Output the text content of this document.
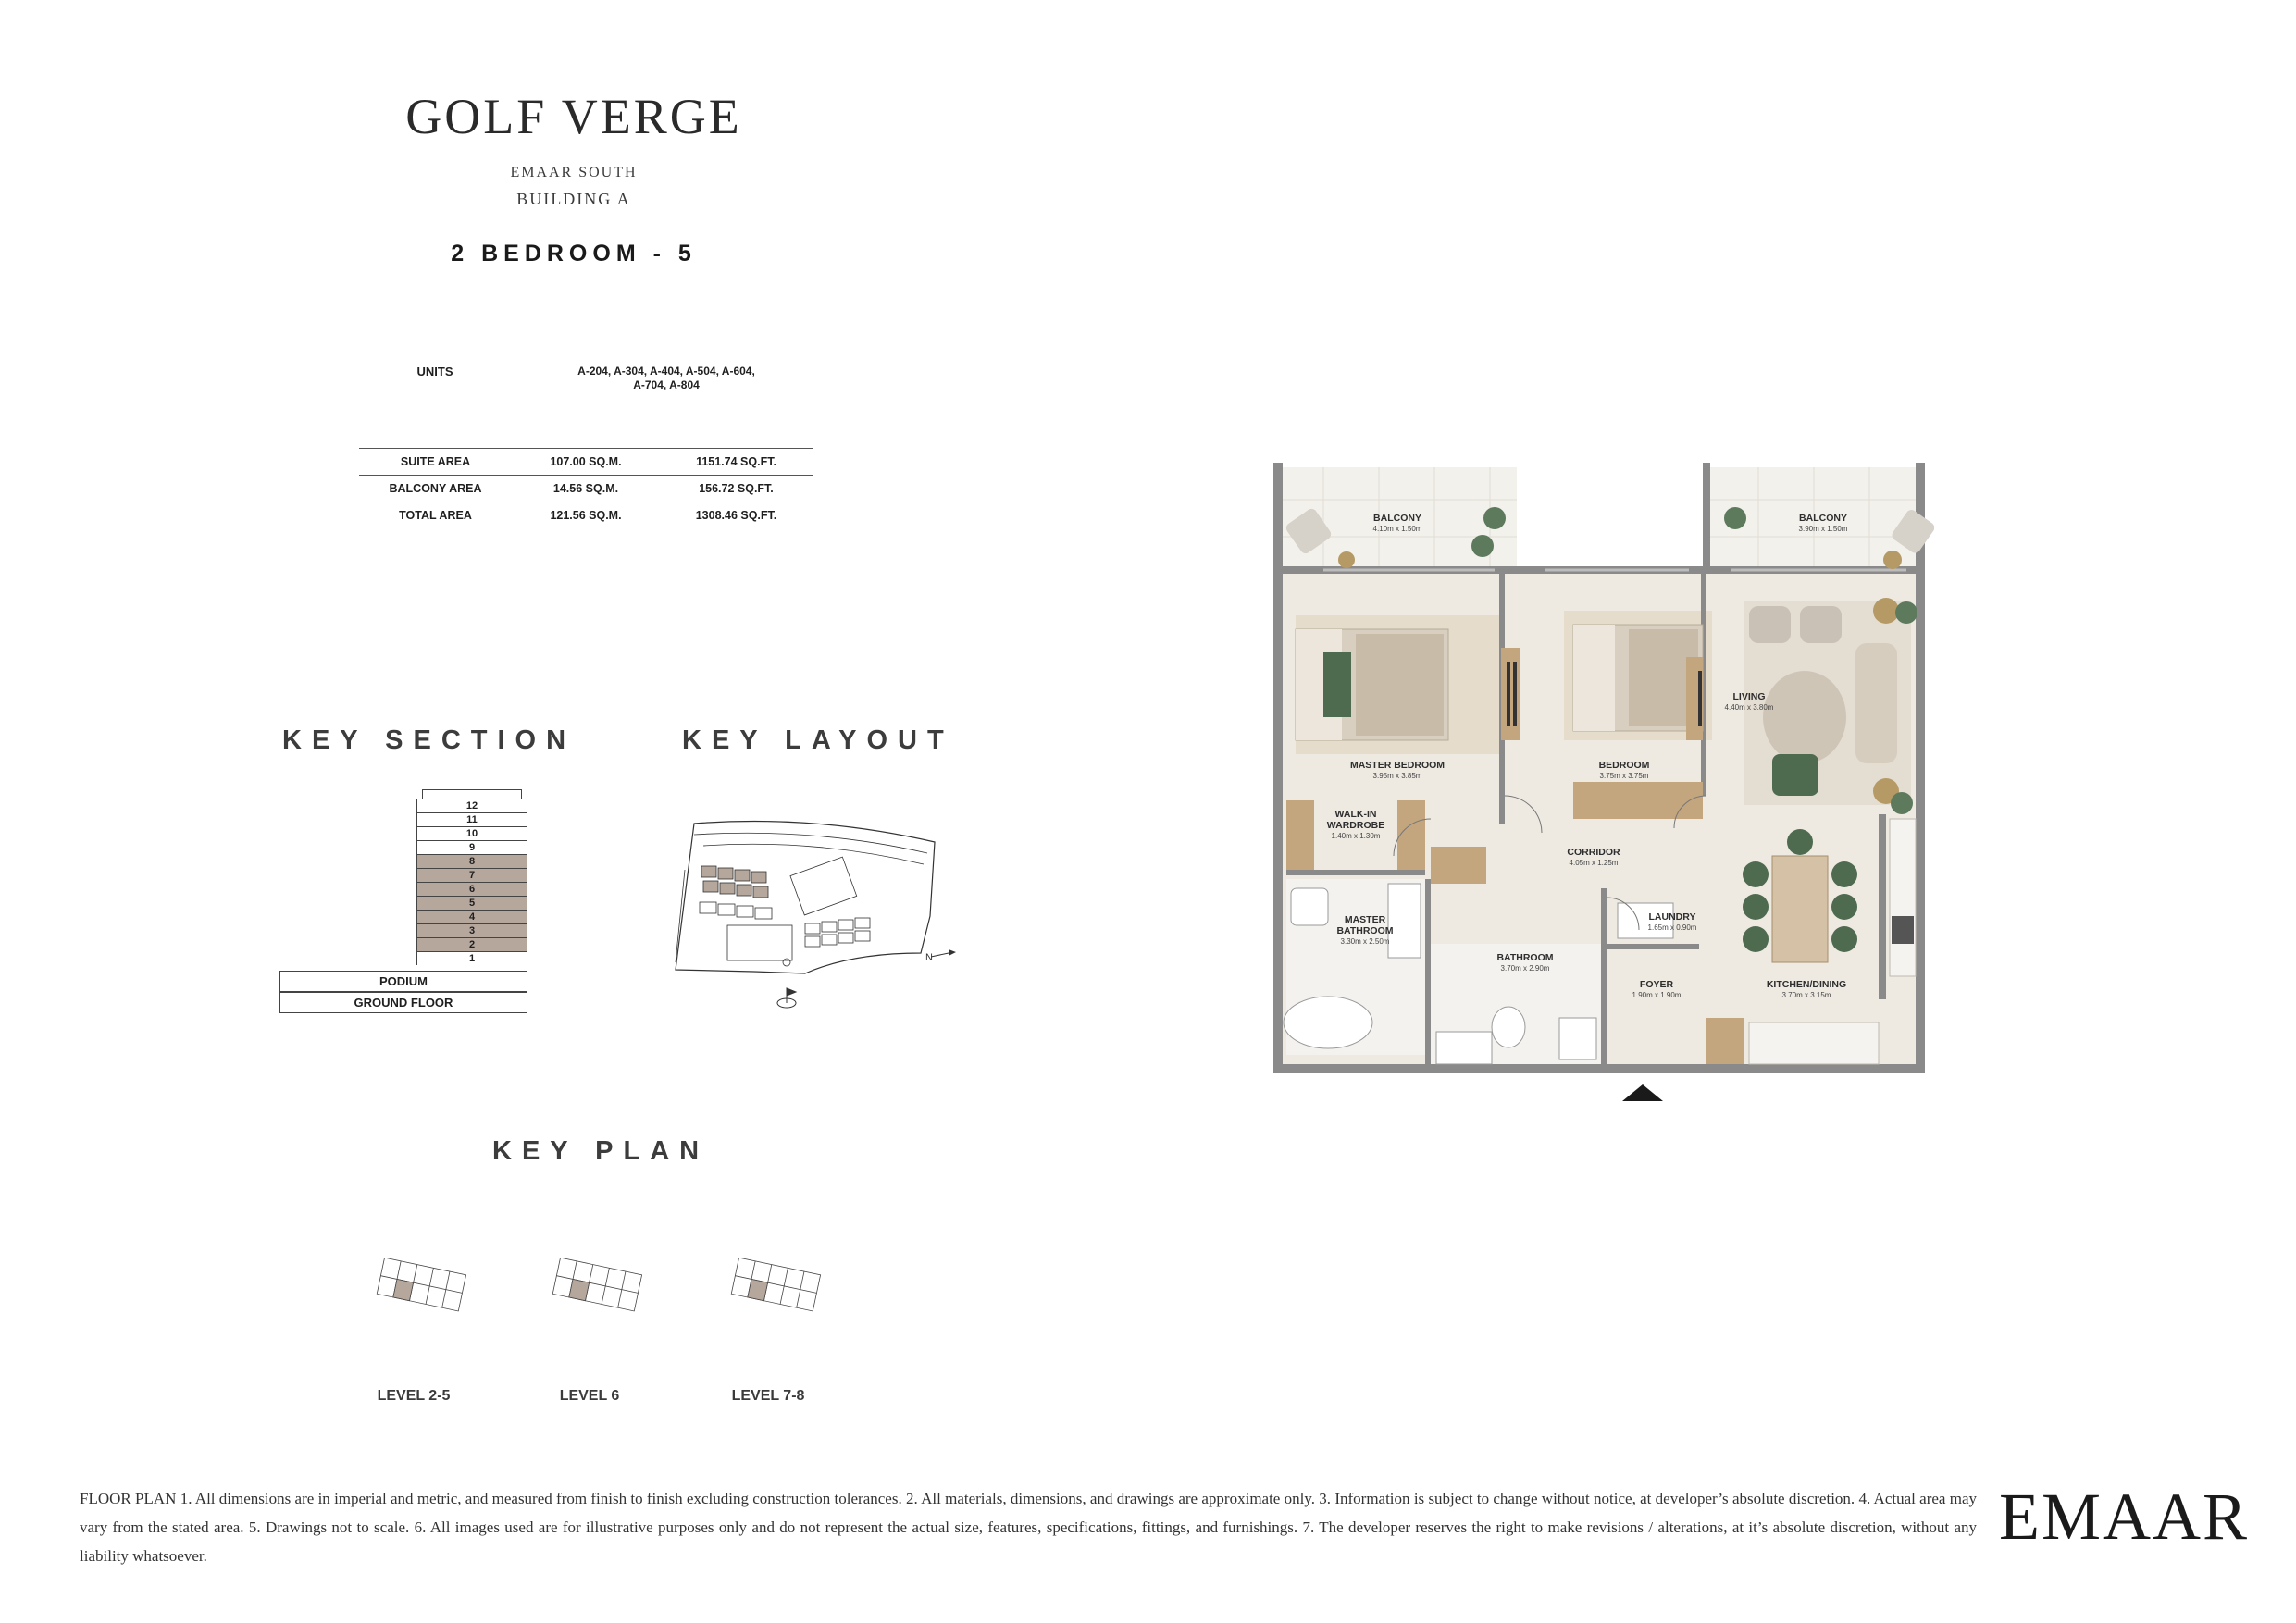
GOLF VERGE
EMAAR SOUTH
BUILDING A
2 BEDROOM - 5
UNITS	A-204, A-304, A-404, A-504, A-604,
A-704, A-804
SUITE AREA	107.00 SQ.M.	1151.74 SQ.FT.
BALCONY AREA	14.56 SQ.M.	156.72 SQ.FT.
TOTAL AREA	121.56 SQ.M.	1308.46 SQ.FT.
KEY SECTION
12
11
10
9
8
7
6
5
4
3
2
1
PODIUM
GROUND FLOOR
KEY LAYOUT
N
KEY PLAN
LEVEL 2-5	LEVEL 6	LEVEL 7-8
BALCONY
4.10m x 1.50m
BALCONY
3.90m x 1.50m
MASTER BEDROOM
3.95m x 3.85m
BEDROOM
3.75m x 3.75m
LIVING
4.40m x 3.80m
WALK-IN
WARDROBE
1.40m x 1.30m
CORRIDOR
4.05m x 1.25m
MASTER
BATHROOM
3.30m x 2.50m
LAUNDRY
1.65m x 0.90m
BATHROOM
3.70m x 2.90m
FOYER
1.90m x 1.90m
KITCHEN/DINING
3.70m x 3.15m
FLOOR PLAN 1. All dimensions are in imperial and metric, and measured from finish to finish excluding construction tolerances. 2. All materials, dimensions, and drawings are approximate only. 3. Information is subject to change without notice, at developer’s absolute discretion. 4. Actual area may vary from the stated area. 5. Drawings not to scale. 6. All images used are for illustrative purposes only and do not represent the actual size, features, specifications, fittings, and furnishings. 7. The developer reserves the right to make revisions / alterations, at it’s absolute discretion, without any liability whatsoever.
EMAAR
